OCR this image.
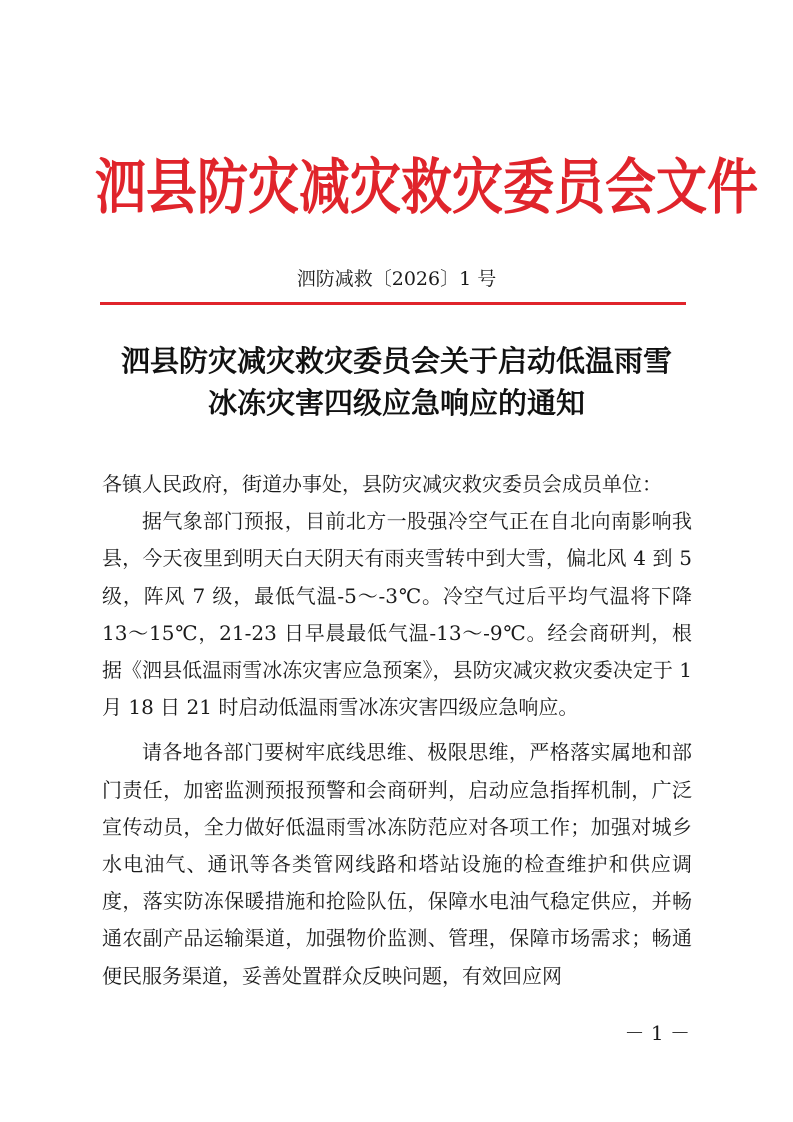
泗县防灾减灾救灾委员会文件
泗防减救〔2026〕1 号
泗县防灾减灾救灾委员会关于启动低温雨雪
冰冻灾害四级应急响应的通知

各镇人民政府，街道办事处，县防灾减灾救灾委员会成员单位：

据气象部门预报，目前北方一股强冷空气正在自北向南影响我县，今天夜里到明天白天阴天有雨夹雪转中到大雪，偏北风 4 到 5 级，阵风 7 级，最低气温-5～-3℃。冷空气过后平均气温将下降 13～15℃，21-23 日早晨最低气温-13～-9℃。经会商研判，根据《泗县低温雨雪冰冻灾害应急预案》，县防灾减灾救灾委决定于 1 月 18 日 21 时启动低温雨雪冰冻灾害四级应急响应。

请各地各部门要树牢底线思维、极限思维，严格落实属地和部门责任，加密监测预报预警和会商研判，启动应急指挥机制，广泛宣传动员，全力做好低温雨雪冰冻防范应对各项工作；加强对城乡水电油气、通讯等各类管网线路和塔站设施的检查维护和供应调度，落实防冻保暖措施和抢险队伍，保障水电油气稳定供应，并畅通农副产品运输渠道，加强物价监测、管理，保障市场需求；畅通便民服务渠道，妥善处置群众反映问题，有效回应网

－ 1 －
